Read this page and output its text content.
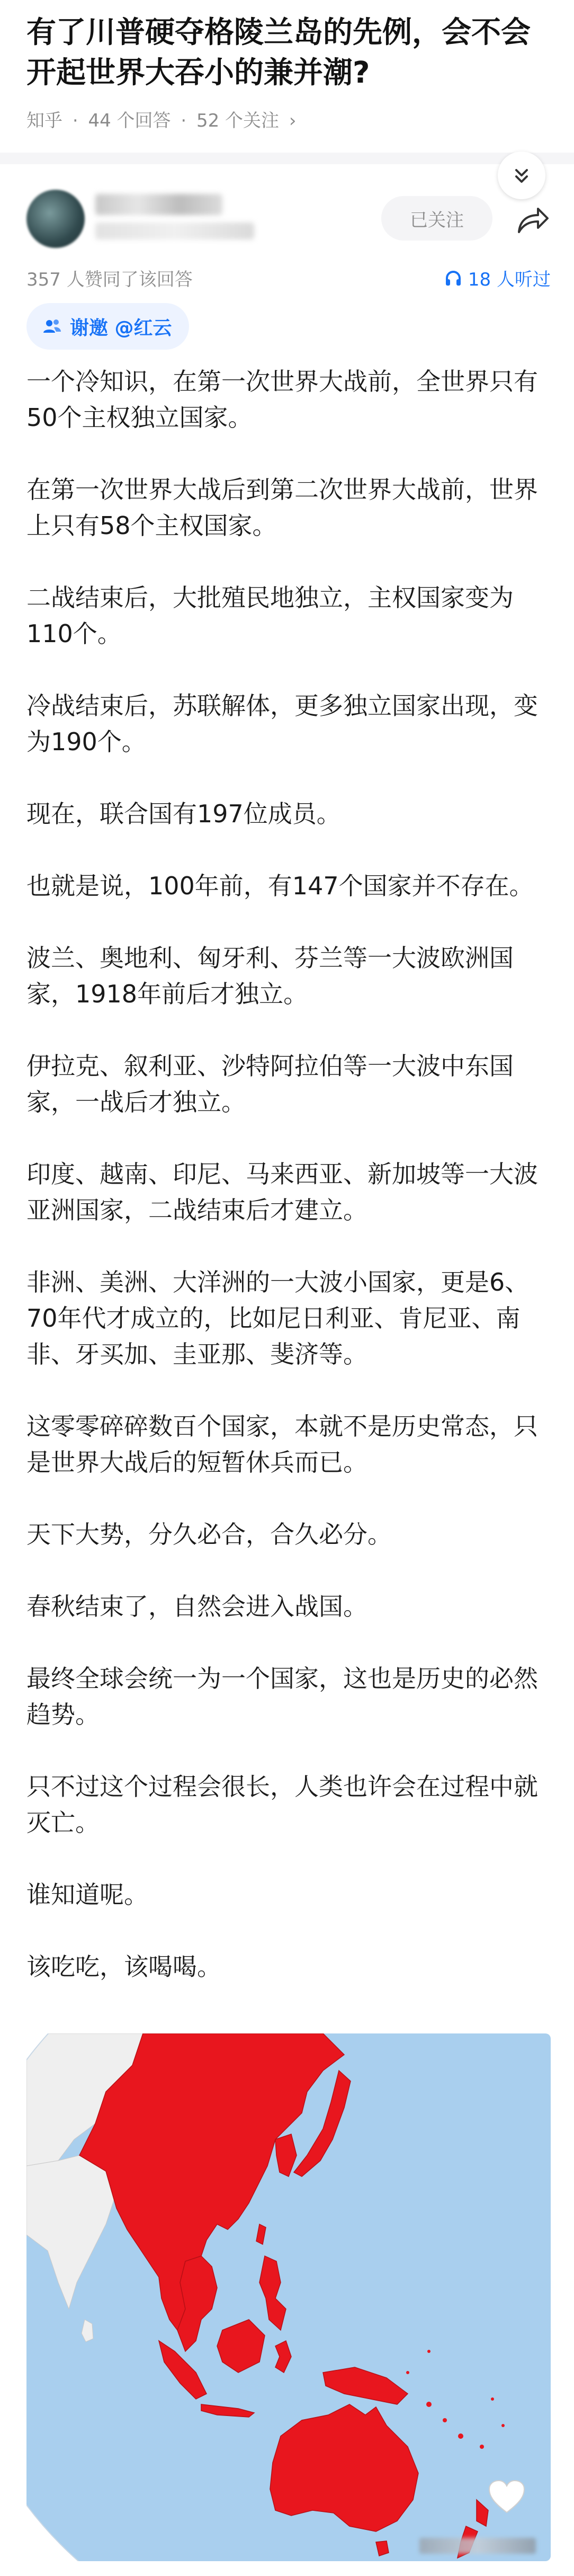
有了川普硬夺格陵兰岛的先例，会不会开起世界大吞小的兼并潮?
知乎 · 44 个回答 · 52 个关注 ›
已关注
357 人赞同了该回答	18 人听过
谢邀 @红云

一个冷知识，在第一次世界大战前，全世界只有50个主权独立国家。

在第一次世界大战后到第二次世界大战前，世界上只有58个主权国家。

二战结束后，大批殖民地独立，主权国家变为110个。

冷战结束后，苏联解体，更多独立国家出现，变为190个。

现在，联合国有197位成员。

也就是说，100年前，有147个国家并不存在。

波兰、奥地利、匈牙利、芬兰等一大波欧洲国家，1918年前后才独立。

伊拉克、叙利亚、沙特阿拉伯等一大波中东国家，一战后才独立。

印度、越南、印尼、马来西亚、新加坡等一大波亚洲国家，二战结束后才建立。

非洲、美洲、大洋洲的一大波小国家，更是6、70年代才成立的，比如尼日利亚、肯尼亚、南非、牙买加、圭亚那、斐济等。

这零零碎碎数百个国家，本就不是历史常态，只是世界大战后的短暂休兵而已。

天下大势，分久必合，合久必分。

春秋结束了，自然会进入战国。

最终全球会统一为一个国家，这也是历史的必然趋势。

只不过这个过程会很长，人类也许会在过程中就灭亡。

谁知道呢。

该吃吃，该喝喝。
